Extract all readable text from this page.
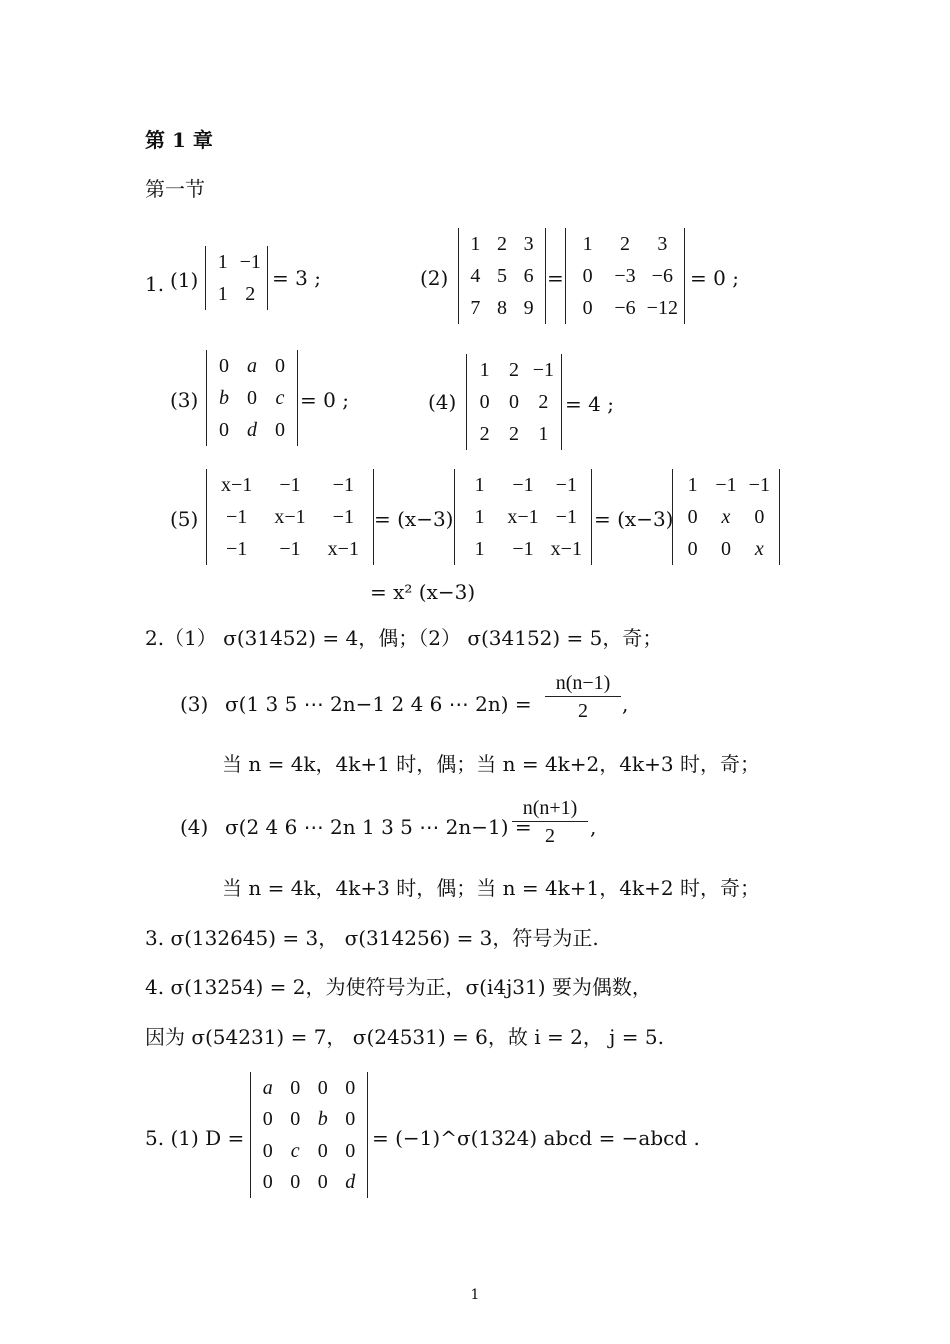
第 1 章
第一节
1. (1)
1 −1
1 2
= 3 ;	(2)
1 2 3
4 5 6
7 8 9
=
1	2	3
0	−3 −6
0	−6 −12
= 0 ;
(3)
0 a 0
b 0 c
0 d 0
= 0 ;	(4)
1 2 −1
0 0 2
2 2 1
= 4 ;
(5)
x−1	−1	−1
−1	x−1	−1
−1	−1	x−1
= (x−3)
1	−1	−1
1	x−1 −1
1	−1 x−1
= (x−3)
1 −1 −1
0	x	0
0	0	x
= x² (x−3)
2.（1） σ(31452) = 4，偶；（2） σ(34152) = 5，奇；
(3) σ(1 3 5 ⋯ 2n−1 2 4 6 ⋯ $2n) = \frac{n(n-1)}{2}$ ,
当 n = 4k，4k+1 时，偶；当 n = 4k+2，4k+3 时，奇；
(4) σ(2 4 6 ⋯ 2n 1 3 5 ⋯ 2n−1) =
$\frac{n(n+1)}{2}$ ,
当 n = 4k，4k+3 时，偶；当 n = 4k+1，4k+2 时，奇；
3. σ(132645) = 3， σ(314256) = 3，符号为正.
4. σ(13254) = 2，为使符号为正，σ(i4j31) 要为偶数，
因为 σ(54231) = 7， σ(24531) = 6，故 i = 2， j = 5.
5. (1) D =
a 0 0 0
0 0 b 0
0 c 0 0
0 0 0 d
= (−1)^σ(1324) abcd = −abcd .
1
